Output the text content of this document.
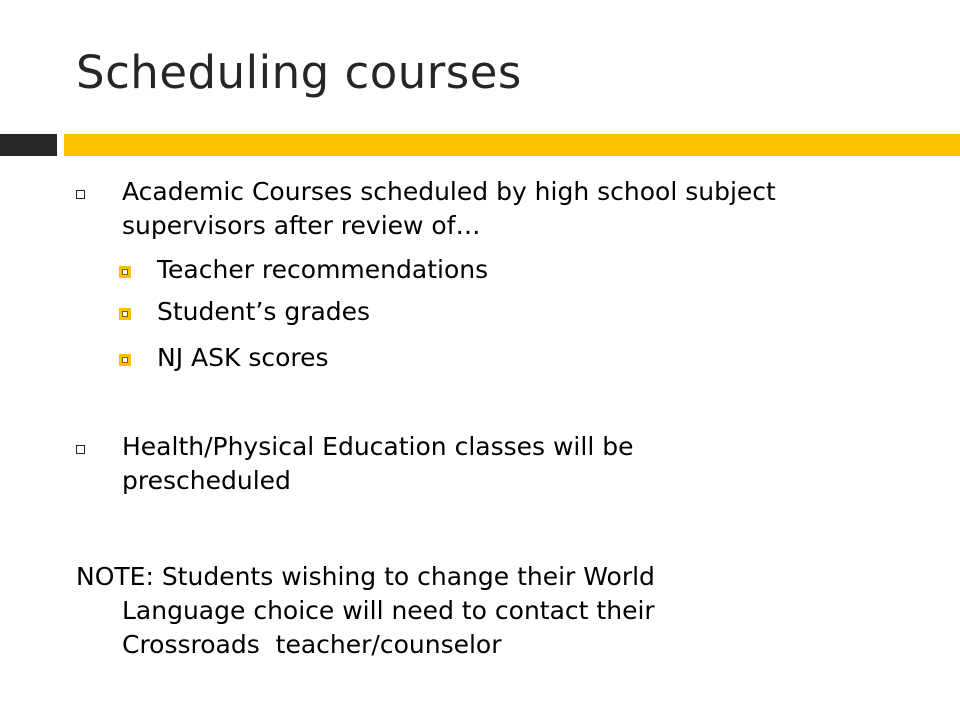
Scheduling courses
Academic Courses scheduled by high school subject
supervisors after review of…
Teacher recommendations
Student’s grades
NJ ASK scores
Health/Physical Education classes will be
prescheduled
NOTE: Students wishing to change their World
Language choice will need to contact their
Crossroads  teacher/counselor
